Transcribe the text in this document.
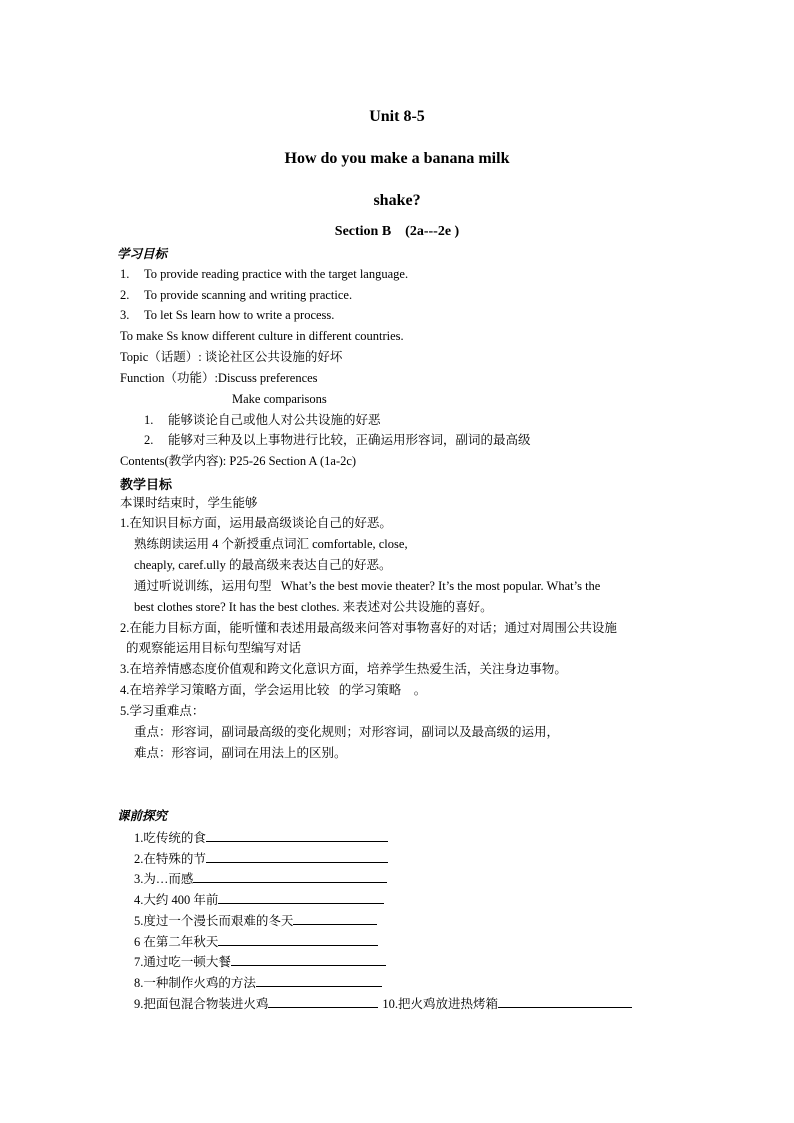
Unit 8-5
How do you make a banana milk
shake?
Section B    (2a---2e )
学习目标
1. To provide reading practice with the target language.
2. To provide scanning and writing practice.
3. To let Ss learn how to write a process.
To make Ss know different culture in different countries.
Topic（话题）: 谈论社区公共设施的好坏
Function（功能）:Discuss preferences
Make comparisons
1. 能够谈论自己或他人对公共设施的好恶
2. 能够对三种及以上事物进行比较，正确运用形容词，副词的最高级
Contents(教学内容): P25-26 Section A (1a-2c)
教学目标
本课时结束时，学生能够
1.在知识目标方面，运用最高级谈论自己的好恶。
熟练朗读运用 4 个新授重点词汇 comfortable, close,
cheaply, caref.ully 的最高级来表达自己的好恶。
通过听说训练，运用句型   What’s the best movie theater? It’s the most popular. What’s the
best clothes store? It has the best clothes. 来表述对公共设施的喜好。
2.在能力目标方面，能听懂和表述用最高级来问答对事物喜好的对话；通过对周围公共设施
的观察能运用目标句型编写对话
3.在培养情感态度价值观和跨文化意识方面，培养学生热爱生活，关注身边事物。
4.在培养学习策略方面，学会运用比较   的学习策略    。
5.学习重难点：
重点：形容词，副词最高级的变化规则；对形容词，副词以及最高级的运用，
难点：形容词，副词在用法上的区别。
课前探究
1.吃传统的食
2.在特殊的节
3.为…而感
4.大约 400 年前
5.度过一个漫长而艰难的冬天
6 在第二年秋天
7.通过吃一顿大餐
8.一种制作火鸡的方法
9.把面包混合物装进火鸡	10.把火鸡放进热烤箱
